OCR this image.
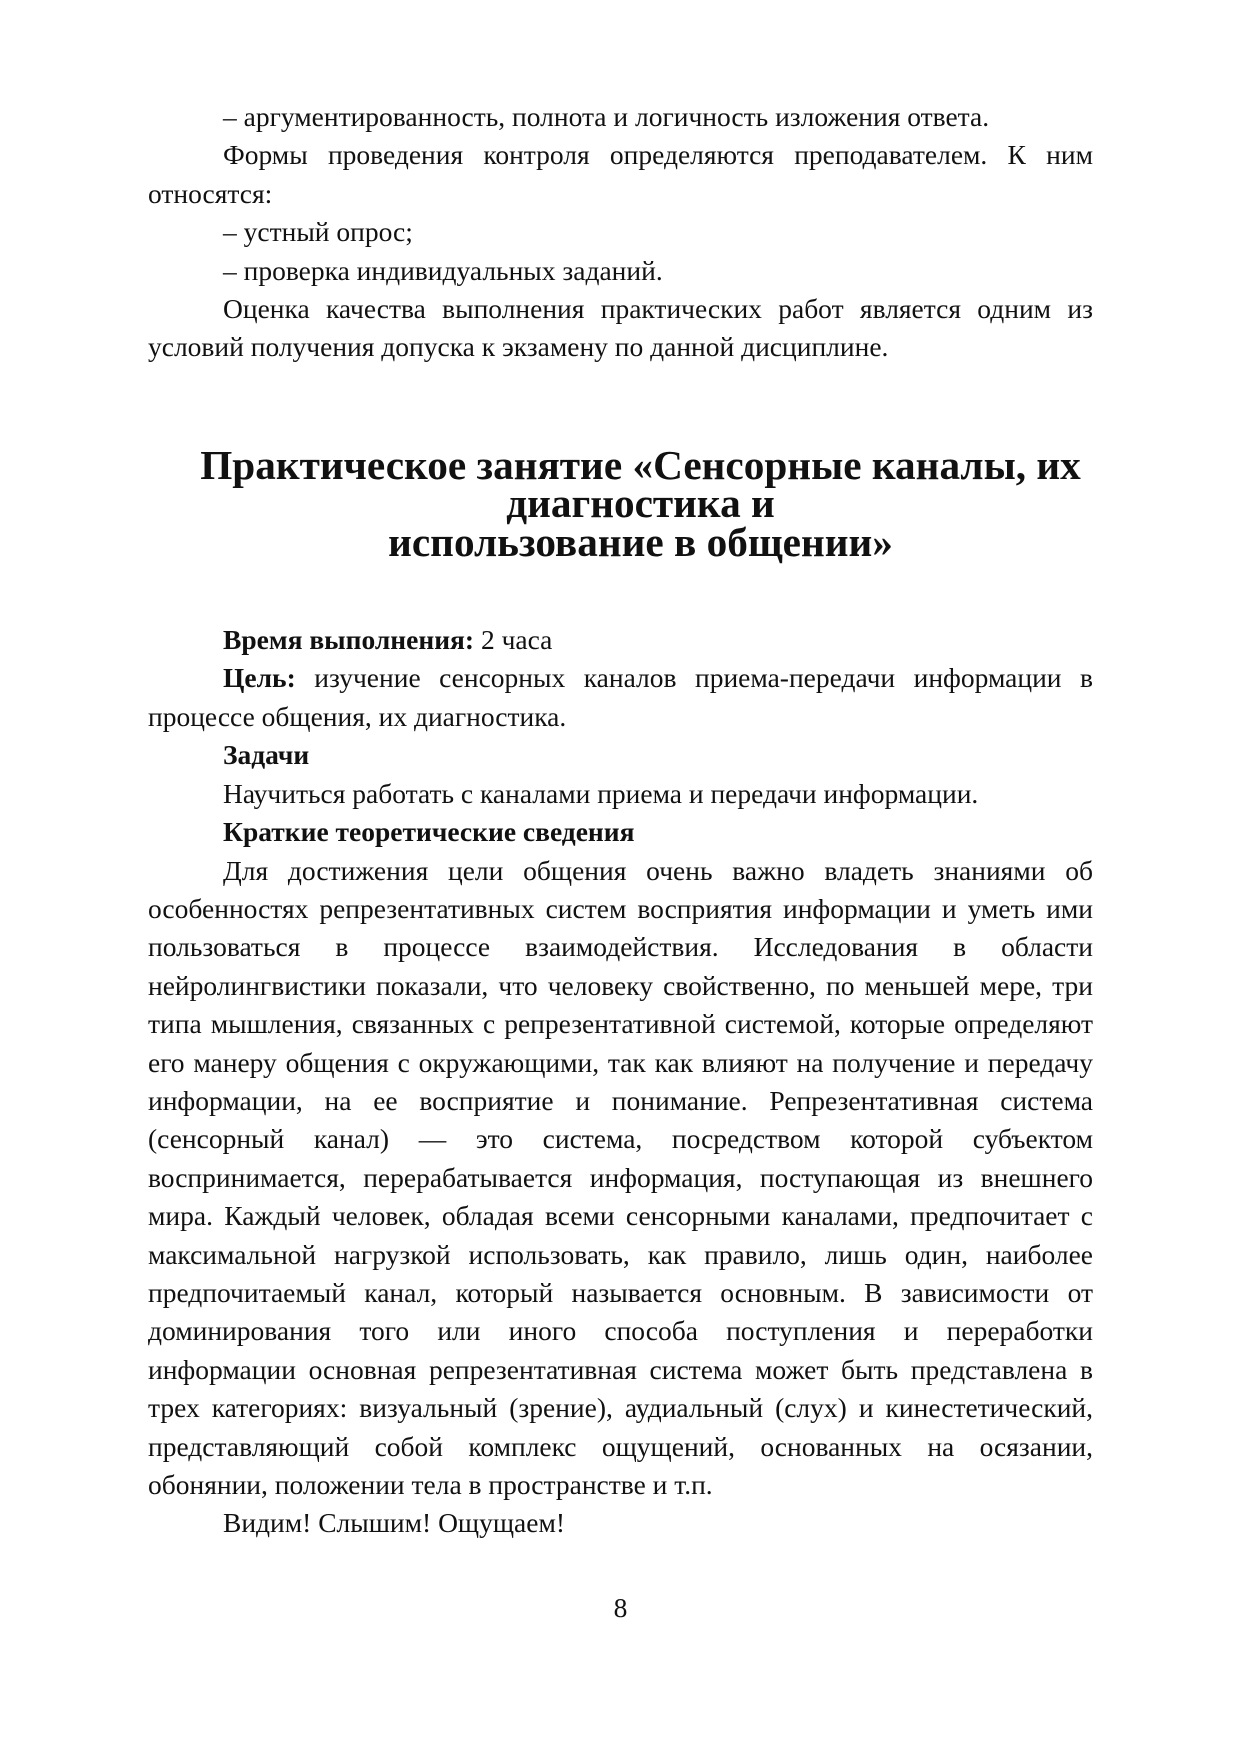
– аргументированность, полнота и логичность изложения ответа.

Формы проведения контроля определяются преподавателем. К ним относятся:

– устный опрос;

– проверка индивидуальных заданий.

Оценка качества выполнения практических работ является одним из условий получения допуска к экзамену по данной дисциплине.

Практическое занятие «Сенсорные каналы, их диагностика и
использование в общении»

Время выполнения: 2 часа

Цель: изучение сенсорных каналов приема-передачи информации в процессе общения, их диагностика.

Задачи

Научиться работать с каналами приема и передачи информации.

Краткие теоретические сведения

Для достижения цели общения очень важно владеть знаниями об особенностях репрезентативных систем восприятия информации и уметь ими пользоваться в процессе взаимодействия. Исследования в области нейролингвистики показали, что человеку свойственно, по меньшей мере, три типа мышления, связанных с репрезентативной системой, которые определяют его манеру общения с окружающими, так как влияют на получение и передачу информации, на ее восприятие и понимание. Репрезентативная система (сенсорный канал) — это система, посредством которой субъектом воспринимается, перерабатывается информация, поступающая из внешнего мира. Каждый человек, обладая всеми сенсорными каналами, предпочитает с максимальной нагрузкой использовать, как правило, лишь один, наиболее предпочитаемый канал, который называется основным. В зависимости от доминирования того или иного способа поступления и переработки информации основная репрезентативная система может быть представлена в трех категориях: визуальный (зрение), аудиальный (слух) и кинестетический, представляющий собой комплекс ощущений, основанных на осязании, обонянии, положении тела в пространстве и т.п.

Видим! Слышим! Ощущаем!

8
